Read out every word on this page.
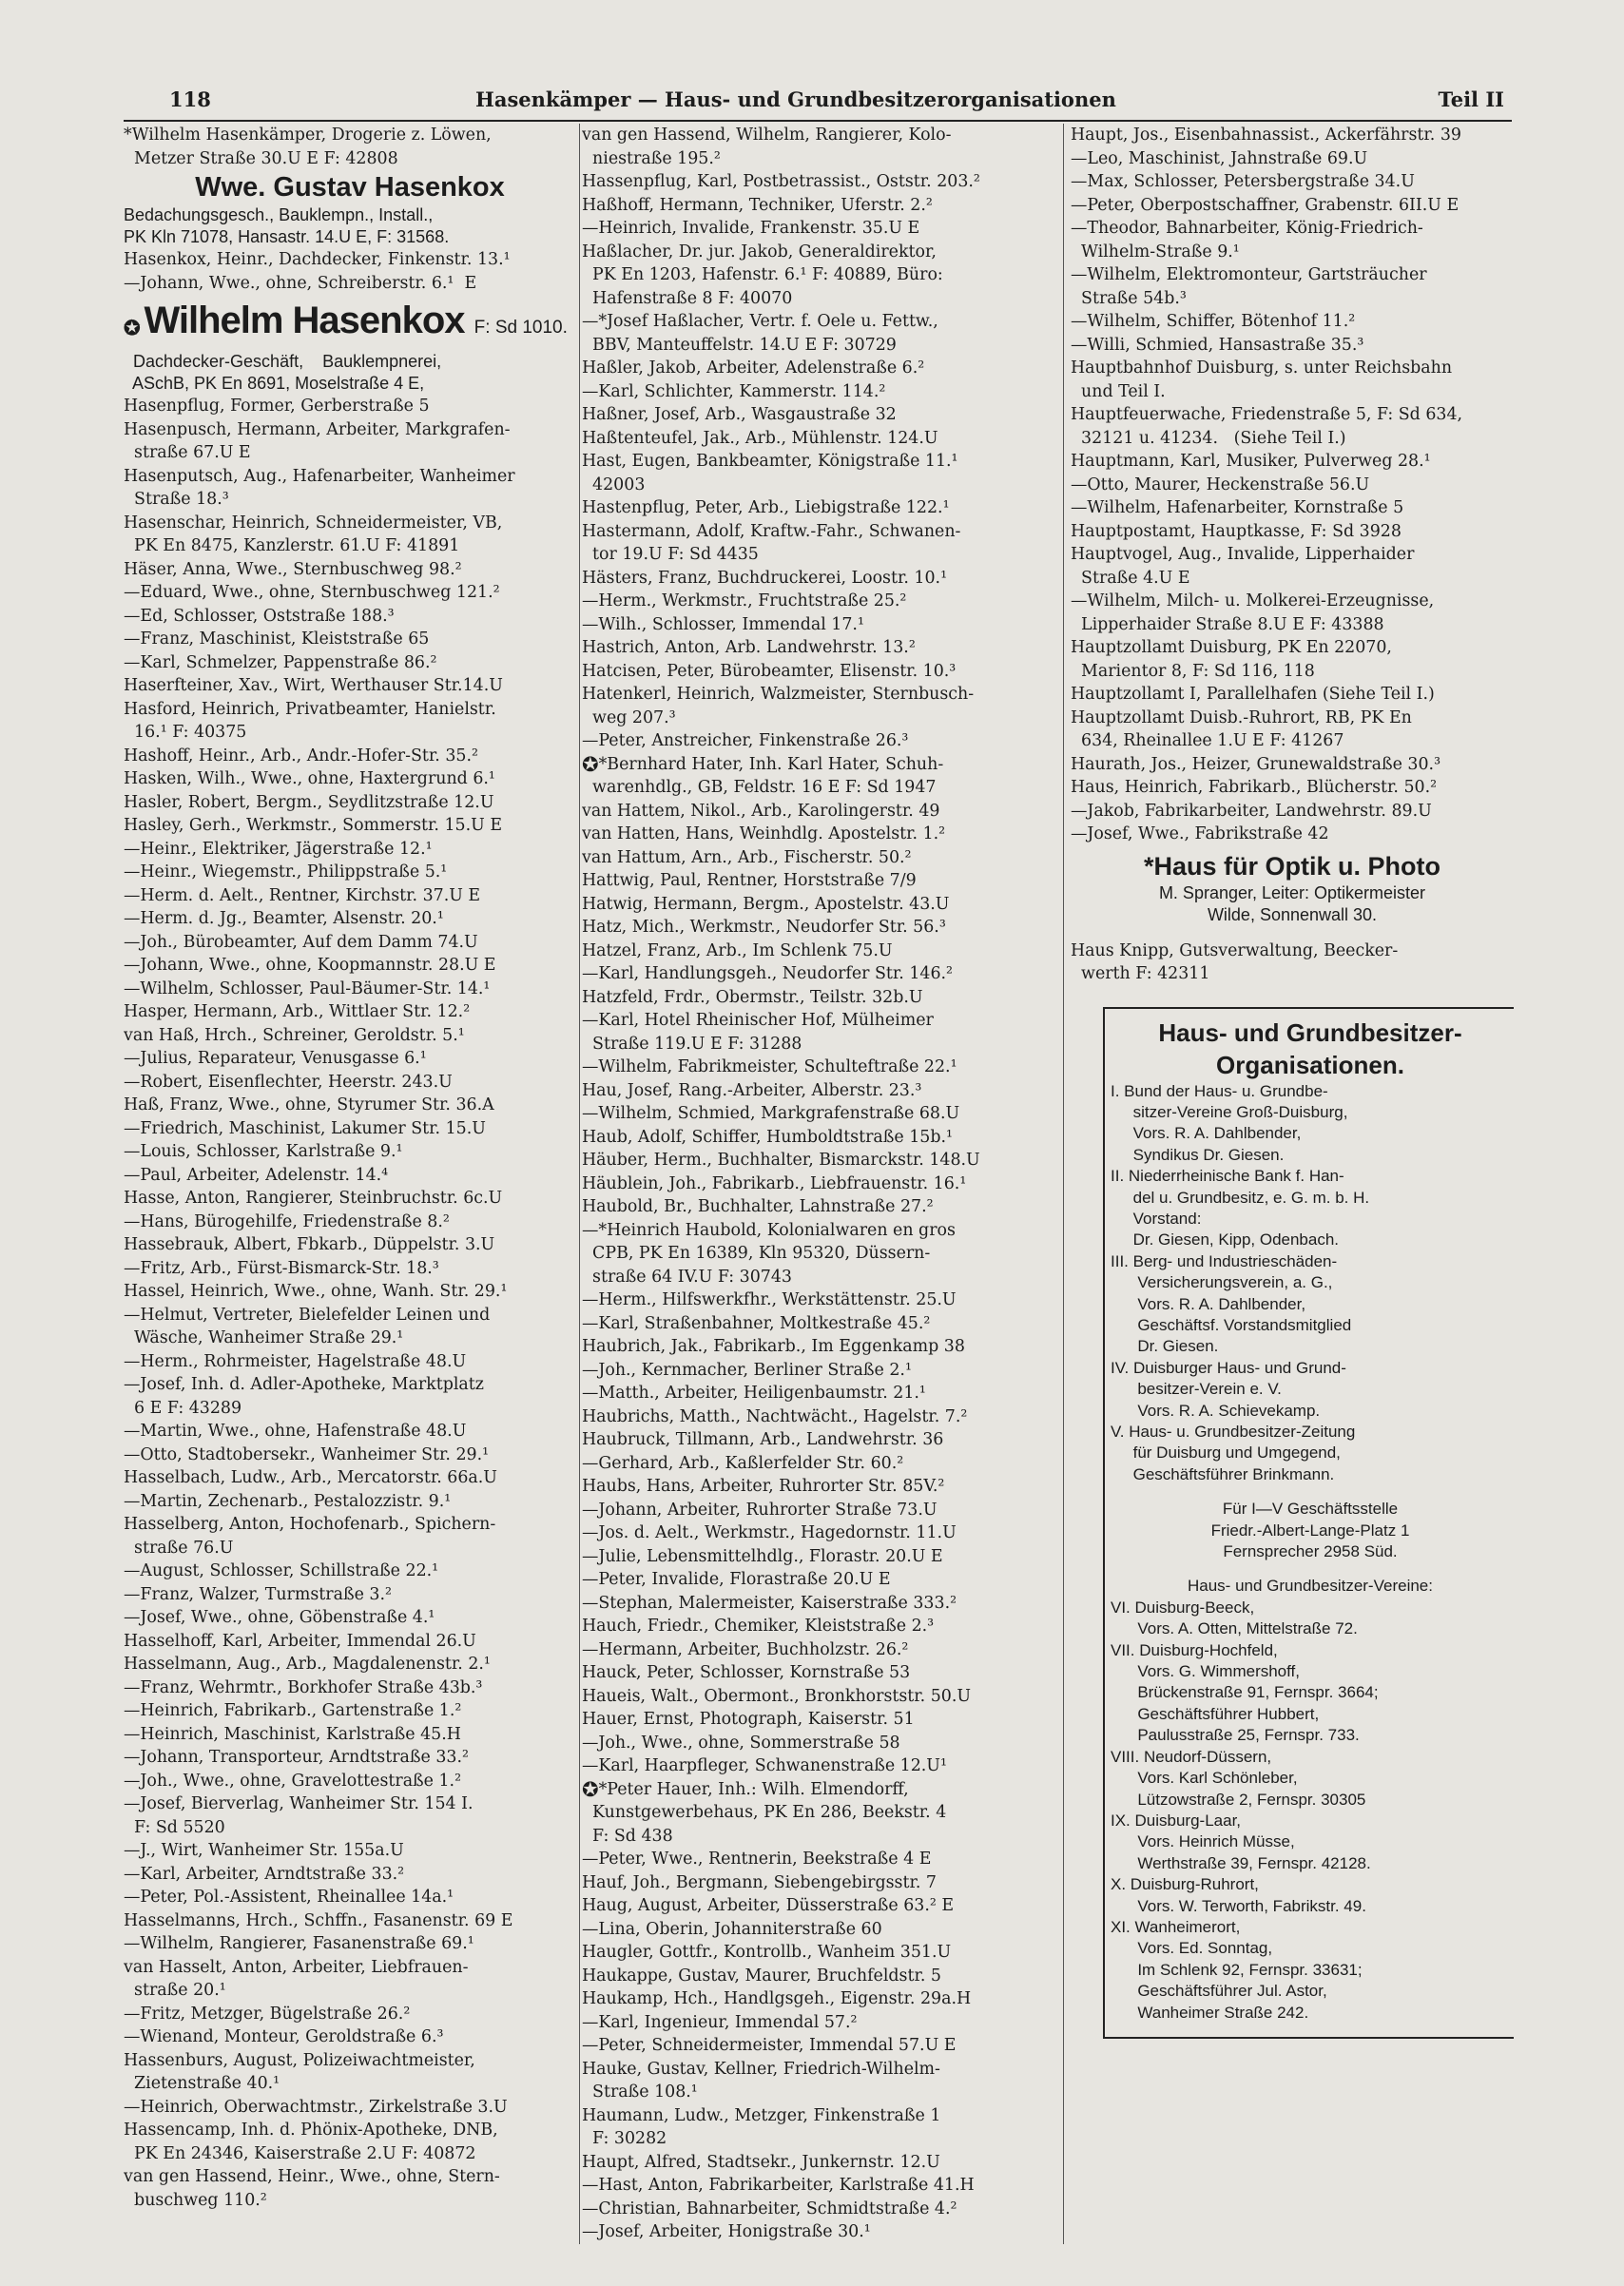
118	Hasenkämper — Haus- und Grundbesitzerorganisationen	Teil II
*Wilhelm Hasenkämper, Drogerie z. Löwen,
Metzer Straße 30.U E F: 42808
Wwe. Gustav Hasenkox
Bedachungsgesch., Bauklempn., Install.,
PK Kln 71078, Hansastr. 14.U E, F: 31568.
Hasenkox, Heinr., Dachdecker, Finkenstr. 13.¹
—Johann, Wwe., ohne, Schreiberstr. 6.¹  E
✪ Wilhelm Hasenkox F: Sd 1010.
Dachdecker-Geschäft,    Bauklempnerei,
ASchB, PK En 8691, Moselstraße 4 E,
Hasenpflug, Former, Gerberstraße 5
Hasenpusch, Hermann, Arbeiter, Markgrafen-
straße 67.U E
Hasenputsch, Aug., Hafenarbeiter, Wanheimer
Straße 18.³
Hasenschar, Heinrich, Schneidermeister, VB,
PK En 8475, Kanzlerstr. 61.U F: 41891
Häser, Anna, Wwe., Sternbuschweg 98.²
—Eduard, Wwe., ohne, Sternbuschweg 121.²
—Ed, Schlosser, Oststraße 188.³
—Franz, Maschinist, Kleiststraße 65
—Karl, Schmelzer, Pappenstraße 86.²
Haserfteiner, Xav., Wirt, Werthauser Str.14.U
Hasford, Heinrich, Privatbeamter, Hanielstr.
16.¹ F: 40375
Hashoff, Heinr., Arb., Andr.-Hofer-Str. 35.²
Hasken, Wilh., Wwe., ohne, Haxtergrund 6.¹
Hasler, Robert, Bergm., Seydlitzstraße 12.U
Hasley, Gerh., Werkmstr., Sommerstr. 15.U E
—Heinr., Elektriker, Jägerstraße 12.¹
—Heinr., Wiegemstr., Philippstraße 5.¹
—Herm. d. Aelt., Rentner, Kirchstr. 37.U E
—Herm. d. Jg., Beamter, Alsenstr. 20.¹
—Joh., Bürobeamter, Auf dem Damm 74.U
—Johann, Wwe., ohne, Koopmannstr. 28.U E
—Wilhelm, Schlosser, Paul-Bäumer-Str. 14.¹
Hasper, Hermann, Arb., Wittlaer Str. 12.²
van Haß, Hrch., Schreiner, Geroldstr. 5.¹
—Julius, Reparateur, Venusgasse 6.¹
—Robert, Eisenflechter, Heerstr. 243.U
Haß, Franz, Wwe., ohne, Styrumer Str. 36.A
—Friedrich, Maschinist, Lakumer Str. 15.U
—Louis, Schlosser, Karlstraße 9.¹
—Paul, Arbeiter, Adelenstr. 14.⁴
Hasse, Anton, Rangierer, Steinbruchstr. 6c.U
—Hans, Bürogehilfe, Friedenstraße 8.²
Hassebrauk, Albert, Fbkarb., Düppelstr. 3.U
—Fritz, Arb., Fürst-Bismarck-Str. 18.³
Hassel, Heinrich, Wwe., ohne, Wanh. Str. 29.¹
—Helmut, Vertreter, Bielefelder Leinen und
Wäsche, Wanheimer Straße 29.¹
—Herm., Rohrmeister, Hagelstraße 48.U
—Josef, Inh. d. Adler-Apotheke, Marktplatz
6 E F: 43289
—Martin, Wwe., ohne, Hafenstraße 48.U
—Otto, Stadtobersekr., Wanheimer Str. 29.¹
Hasselbach, Ludw., Arb., Mercatorstr. 66a.U
—Martin, Zechenarb., Pestalozzistr. 9.¹
Hasselberg, Anton, Hochofenarb., Spichern-
straße 76.U
—August, Schlosser, Schillstraße 22.¹
—Franz, Walzer, Turmstraße 3.²
—Josef, Wwe., ohne, Göbenstraße 4.¹
Hasselhoff, Karl, Arbeiter, Immendal 26.U
Hasselmann, Aug., Arb., Magdalenenstr. 2.¹
—Franz, Wehrmtr., Borkhofer Straße 43b.³
—Heinrich, Fabrikarb., Gartenstraße 1.²
—Heinrich, Maschinist, Karlstraße 45.H
—Johann, Transporteur, Arndtstraße 33.²
—Joh., Wwe., ohne, Gravelottestraße 1.²
—Josef, Bierverlag, Wanheimer Str. 154 I.
F: Sd 5520
—J., Wirt, Wanheimer Str. 155a.U
—Karl, Arbeiter, Arndtstraße 33.²
—Peter, Pol.-Assistent, Rheinallee 14a.¹
Hasselmanns, Hrch., Schffn., Fasanenstr. 69 E
—Wilhelm, Rangierer, Fasanenstraße 69.¹
van Hasselt, Anton, Arbeiter, Liebfrauen-
straße 20.¹
—Fritz, Metzger, Bügelstraße 26.²
—Wienand, Monteur, Geroldstraße 6.³
Hassenburs, August, Polizeiwachtmeister,
Zietenstraße 40.¹
—Heinrich, Oberwachtmstr., Zirkelstraße 3.U
Hassencamp, Inh. d. Phönix-Apotheke, DNB,
PK En 24346, Kaiserstraße 2.U F: 40872
van gen Hassend, Heinr., Wwe., ohne, Stern-
buschweg 110.²
van gen Hassend, Wilhelm, Rangierer, Kolo-
niestraße 195.²
Hassenpflug, Karl, Postbetrassist., Oststr. 203.²
Haßhoff, Hermann, Techniker, Uferstr. 2.²
—Heinrich, Invalide, Frankenstr. 35.U E
Haßlacher, Dr. jur. Jakob, Generaldirektor,
PK En 1203, Hafenstr. 6.¹ F: 40889, Büro:
Hafenstraße 8 F: 40070
—*Josef Haßlacher, Vertr. f. Oele u. Fettw.,
BBV, Manteuffelstr. 14.U E F: 30729
Haßler, Jakob, Arbeiter, Adelenstraße 6.²
—Karl, Schlichter, Kammerstr. 114.²
Haßner, Josef, Arb., Wasgaustraße 32
Haßtenteufel, Jak., Arb., Mühlenstr. 124.U
Hast, Eugen, Bankbeamter, Königstraße 11.¹
42003
Hastenpflug, Peter, Arb., Liebigstraße 122.¹
Hastermann, Adolf, Kraftw.-Fahr., Schwanen-
tor 19.U F: Sd 4435
Hästers, Franz, Buchdruckerei, Loostr. 10.¹
—Herm., Werkmstr., Fruchtstraße 25.²
—Wilh., Schlosser, Immendal 17.¹
Hastrich, Anton, Arb. Landwehrstr. 13.²
Hatcisen, Peter, Bürobeamter, Elisenstr. 10.³
Hatenkerl, Heinrich, Walzmeister, Sternbusch-
weg 207.³
—Peter, Anstreicher, Finkenstraße 26.³
✪*Bernhard Hater, Inh. Karl Hater, Schuh-
warenhdlg., GB, Feldstr. 16 E F: Sd 1947
van Hattem, Nikol., Arb., Karolingerstr. 49
van Hatten, Hans, Weinhdlg. Apostelstr. 1.²
van Hattum, Arn., Arb., Fischerstr. 50.²
Hattwig, Paul, Rentner, Horststraße 7/9
Hatwig, Hermann, Bergm., Apostelstr. 43.U
Hatz, Mich., Werkmstr., Neudorfer Str. 56.³
Hatzel, Franz, Arb., Im Schlenk 75.U
—Karl, Handlungsgeh., Neudorfer Str. 146.²
Hatzfeld, Frdr., Obermstr., Teilstr. 32b.U
—Karl, Hotel Rheinischer Hof, Mülheimer
Straße 119.U E F: 31288
—Wilhelm, Fabrikmeister, Schulteftraße 22.¹
Hau, Josef, Rang.-Arbeiter, Alberstr. 23.³
—Wilhelm, Schmied, Markgrafenstraße 68.U
Haub, Adolf, Schiffer, Humboldtstraße 15b.¹
Häuber, Herm., Buchhalter, Bismarckstr. 148.U
Häublein, Joh., Fabrikarb., Liebfrauenstr. 16.¹
Haubold, Br., Buchhalter, Lahnstraße 27.²
—*Heinrich Haubold, Kolonialwaren en gros
CPB, PK En 16389, Kln 95320, Düssern-
straße 64 IV.U F: 30743
—Herm., Hilfswerkfhr., Werkstättenstr. 25.U
—Karl, Straßenbahner, Moltkestraße 45.²
Haubrich, Jak., Fabrikarb., Im Eggenkamp 38
—Joh., Kernmacher, Berliner Straße 2.¹
—Matth., Arbeiter, Heiligenbaumstr. 21.¹
Haubrichs, Matth., Nachtwächt., Hagelstr. 7.²
Haubruck, Tillmann, Arb., Landwehrstr. 36
—Gerhard, Arb., Kaßlerfelder Str. 60.²
Haubs, Hans, Arbeiter, Ruhrorter Str. 85V.²
—Johann, Arbeiter, Ruhrorter Straße 73.U
—Jos. d. Aelt., Werkmstr., Hagedornstr. 11.U
—Julie, Lebensmittelhdlg., Florastr. 20.U E
—Peter, Invalide, Florastraße 20.U E
—Stephan, Malermeister, Kaiserstraße 333.²
Hauch, Friedr., Chemiker, Kleiststraße 2.³
—Hermann, Arbeiter, Buchholzstr. 26.²
Hauck, Peter, Schlosser, Kornstraße 53
Haueis, Walt., Obermont., Bronkhorststr. 50.U
Hauer, Ernst, Photograph, Kaiserstr. 51
—Joh., Wwe., ohne, Sommerstraße 58
—Karl, Haarpfleger, Schwanenstraße 12.U¹
✪*Peter Hauer, Inh.: Wilh. Elmendorff,
Kunstgewerbehaus, PK En 286, Beekstr. 4
F: Sd 438
—Peter, Wwe., Rentnerin, Beekstraße 4 E
Hauf, Joh., Bergmann, Siebengebirgsstr. 7
Haug, August, Arbeiter, Düsserstraße 63.² E
—Lina, Oberin, Johanniterstraße 60
Haugler, Gottfr., Kontrollb., Wanheim 351.U
Haukappe, Gustav, Maurer, Bruchfeldstr. 5
Haukamp, Hch., Handlgsgeh., Eigenstr. 29a.H
—Karl, Ingenieur, Immendal 57.²
—Peter, Schneidermeister, Immendal 57.U E
Hauke, Gustav, Kellner, Friedrich-Wilhelm-
Straße 108.¹
Haumann, Ludw., Metzger, Finkenstraße 1
F: 30282
Haupt, Alfred, Stadtsekr., Junkernstr. 12.U
—Hast, Anton, Fabrikarbeiter, Karlstraße 41.H
—Christian, Bahnarbeiter, Schmidtstraße 4.²
—Josef, Arbeiter, Honigstraße 30.¹
Haupt, Jos., Eisenbahnassist., Ackerfährstr. 39
—Leo, Maschinist, Jahnstraße 69.U
—Max, Schlosser, Petersbergstraße 34.U
—Peter, Oberpostschaffner, Grabenstr. 6II.U E
—Theodor, Bahnarbeiter, König-Friedrich-
Wilhelm-Straße 9.¹
—Wilhelm, Elektromonteur, Gartsträucher
Straße 54b.³
—Wilhelm, Schiffer, Bötenhof 11.²
—Willi, Schmied, Hansastraße 35.³
Hauptbahnhof Duisburg, s. unter Reichsbahn
und Teil I.
Hauptfeuerwache, Friedenstraße 5, F: Sd 634,
32121 u. 41234.   (Siehe Teil I.)
Hauptmann, Karl, Musiker, Pulverweg 28.¹
—Otto, Maurer, Heckenstraße 56.U
—Wilhelm, Hafenarbeiter, Kornstraße 5
Hauptpostamt, Hauptkasse, F: Sd 3928
Hauptvogel, Aug., Invalide, Lipperhaider
Straße 4.U E
—Wilhelm, Milch- u. Molkerei-Erzeugnisse,
Lipperhaider Straße 8.U E F: 43388
Hauptzollamt Duisburg, PK En 22070,
Marientor 8, F: Sd 116, 118
Hauptzollamt I, Parallelhafen (Siehe Teil I.)
Hauptzollamt Duisb.-Ruhrort, RB, PK En
634, Rheinallee 1.U E F: 41267
Haurath, Jos., Heizer, Grunewaldstraße 30.³
Haus, Heinrich, Fabrikarb., Blücherstr. 50.²
—Jakob, Fabrikarbeiter, Landwehrstr. 89.U
—Josef, Wwe., Fabrikstraße 42
*Haus für Optik u. Photo
M. Spranger, Leiter: Optikermeister
Wilde, Sonnenwall 30.
Haus Knipp, Gutsverwaltung, Beecker-
werth F: 42311
Haus- und Grundbesitzer-
Organisationen.
I. Bund der Haus- u. Grundbe-
sitzer-Vereine Groß-Duisburg,
Vors. R. A. Dahlbender,
Syndikus Dr. Giesen.
II. Niederrheinische Bank f. Han-
del u. Grundbesitz, e. G. m. b. H.
Vorstand:
Dr. Giesen, Kipp, Odenbach.
III. Berg- und Industrieschäden-
Versicherungsverein, a. G.,
Vors. R. A. Dahlbender,
Geschäftsf. Vorstandsmitglied
Dr. Giesen.
IV. Duisburger Haus- und Grund-
besitzer-Verein e. V.
Vors. R. A. Schievekamp.
V. Haus- u. Grundbesitzer-Zeitung
für Duisburg und Umgegend,
Geschäftsführer Brinkmann.
Für I—V Geschäftsstelle
Friedr.-Albert-Lange-Platz 1
Fernsprecher 2958 Süd.
Haus- und Grundbesitzer-Vereine:
VI. Duisburg-Beeck,
Vors. A. Otten, Mittelstraße 72.
VII. Duisburg-Hochfeld,
Vors. G. Wimmershoff,
Brückenstraße 91, Fernspr. 3664;
Geschäftsführer Hubbert,
Paulusstraße 25, Fernspr. 733.
VIII. Neudorf-Düssern,
Vors. Karl Schönleber,
Lützowstraße 2, Fernspr. 30305
IX. Duisburg-Laar,
Vors. Heinrich Müsse,
Werthstraße 39, Fernspr. 42128.
X. Duisburg-Ruhrort,
Vors. W. Terworth, Fabrikstr. 49.
XI. Wanheimerort,
Vors. Ed. Sonntag,
Im Schlenk 92, Fernspr. 33631;
Geschäftsführer Jul. Astor,
Wanheimer Straße 242.
